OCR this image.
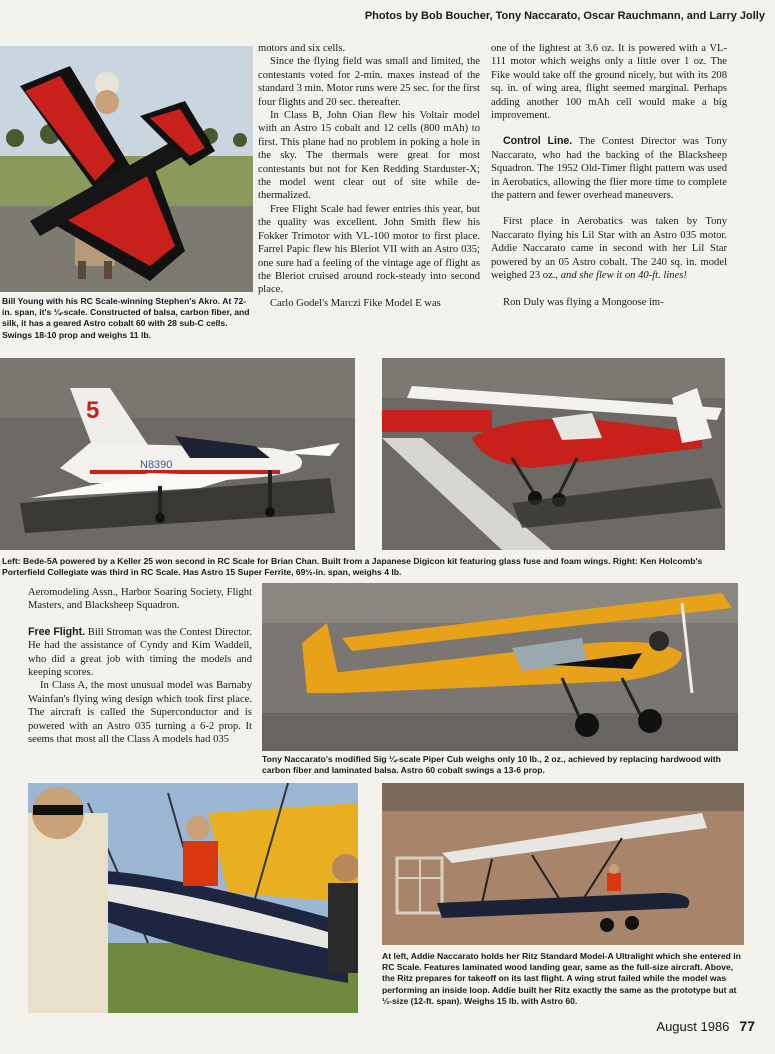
Photos by Bob Boucher, Tony Naccarato, Oscar Rauchmann, and Larry Jolly
Bill Young with his RC Scale-winning Stephen's Akro. At 72-in. span, it's ¼-scale. Constructed of balsa, carbon fiber, and silk, it has a geared Astro cobalt 60 with 28 sub-C cells. Swings 18-10 prop and weighs 11 lb.

motors and six cells.

Since the flying field was small and limited, the contestants voted for 2-min. maxes instead of the standard 3 min. Motor runs were 25 sec. for the first four flights and 20 sec. thereafter.

In Class B, John Oian flew his Voltair model with an Astro 15 cobalt and 12 cells (800 mAh) to first. This plane had no problem in poking a hole in the sky. The thermals were great for most contestants but not for Ken Redding Starduster-X; the model went clear out of site while de-thermalized.

Free Flight Scale had fewer entries this year, but the quality was excellent. John Smith flew his Fokker Trimotor with VL-100 motor to first place. Farrel Papic flew his Bleriot VII with an Astro 035; one sure had a feeling of the vintage age of flight as the Bleriot cruised around rock-steady into second place.

Carlo Godel's Marczi Fike Model E was

one of the lightest at 3.6 oz. It is powered with a VL-111 motor which weighs only a little over 1 oz. The Fike would take off the ground nicely, but with its 208 sq. in. of wing area, flight seemed marginal. Perhaps adding another 100 mAh cell would make a big improvement.

Control Line. The Contest Director was Tony Naccarato, who had the backing of the Blacksheep Squadron. The 1952 Old-Timer flight pattern was used in Aerobatics, allowing the flier more time to complete the pattern and fewer overhead maneuvers.

First place in Aerobatics was taken by Tony Naccarato flying his Lil Star with an Astro 035 motor. Addie Naccarato came in second with her Lil Star powered by an 05 Astro cobalt. The 240 sq. in. model weighed 23 oz., and she flew it on 40-ft. lines!

Ron Duly was flying a Mongoose im-

5
N8390
Left: Bede-5A powered by a Keller 25 won second in RC Scale for Brian Chan. Built from a Japanese Digicon kit featuring glass fuse and foam wings. Right: Ken Holcomb's Porterfield Collegiate was third in RC Scale. Has Astro 15 Super Ferrite, 69½-in. span, weighs 4 lb.

Aeromodeling Assn., Harbor Soaring Society, Flight Masters, and Blacksheep Squadron.

Free Flight. Bill Stroman was the Contest Director. He had the assistance of Cyndy and Kim Waddell, who did a great job with timing the models and keeping scores.

In Class A, the most unusual model was Barnaby Wainfan's flying wing design which took first place. The aircraft is called the Superconductor and is powered with an Astro 035 turning a 6-2 prop. It seems that most all the Class A models had 035

Tony Naccarato's modified Sig ¼-scale Piper Cub weighs only 10 lb., 2 oz., achieved by replacing hardwood with carbon fiber and laminated balsa. Astro 60 cobalt swings a 13-6 prop.
At left, Addie Naccarato holds her Ritz Standard Model-A Ultralight which she entered in RC Scale. Features laminated wood landing gear, same as the full-size aircraft. Above, the Ritz prepares for takeoff on its last flight. A wing strut failed while the model was performing an inside loop. Addie built her Ritz exactly the same as the prototype but at ⅓-size (12-ft. span). Weighs 15 lb. with Astro 60.
August 1986 77
